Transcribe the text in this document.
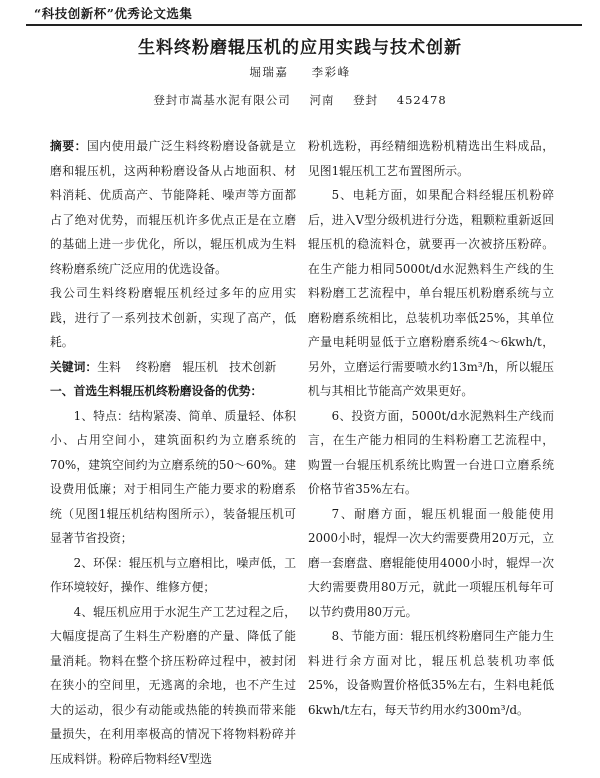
“科技创新杯”优秀论文选集
生料终粉磨辊压机的应用实践与技术创新
堀瑞嘉 李彩峰
登封市嵩基水泥有限公司 河南 登封 452478

摘要：国内使用最广泛生料终粉磨设备就是立磨和辊压机，这两种粉磨设备从占地面积、材料消耗、优质高产、节能降耗、噪声等方面都占了绝对优势，而辊压机许多优点正是在立磨的基础上进一步优化，所以，辊压机成为生料终粉磨系统广泛应用的优选设备。

我公司生料终粉磨辊压机经过多年的应用实践，进行了一系列技术创新，实现了高产，低耗。

关键词：生料 终粉磨 辊压机 技术创新

一、首选生料辊压机终粉磨设备的优势：

1、特点：结构紧凑、简单、质量轻、体积小、占用空间小，建筑面积约为立磨系统的70%，建筑空间约为立磨系统的50～60%。建设费用低廉；对于相同生产能力要求的粉磨系统（见图1辊压机结构图所示），装备辊压机可显著节省投资；

2、环保：辊压机与立磨相比，噪声低，工作环境较好，操作、维修方便；

4、辊压机应用于水泥生产工艺过程之后，大幅度提高了生料生产粉磨的产量、降低了能量消耗。物料在整个挤压粉碎过程中，被封闭在狭小的空间里，无逃离的余地，也不产生过大的运动，很少有动能或热能的转换而带来能量损失，在利用率极高的情况下将物料粉碎并压成料饼。粉碎后物料经V型选

粉机选粉，再经精细选粉机精选出生料成品，见图1辊压机工艺布置图所示。

5、电耗方面，如果配合料经辊压机粉碎后，进入V型分级机进行分选，粗颗粒重新返回辊压机的稳流料仓，就要再一次被挤压粉碎。在生产能力相同5000t/d水泥熟料生产线的生料粉磨工艺流程中，单台辊压机粉磨系统与立磨粉磨系统相比，总装机功率低25%，其单位产量电耗明显低于立磨粉磨系统4～6kwh/t，另外，立磨运行需要喷水约13m³/h，所以辊压机与其相比节能高产效果更好。

6、投资方面，5000t/d水泥熟料生产线而言，在生产能力相同的生料粉磨工艺流程中，购置一台辊压机系统比购置一台进口立磨系统价格节省35%左右。

7、耐磨方面，辊压机辊面一般能使用2000小时，辊焊一次大约需要费用20万元，立磨一套磨盘、磨辊能使用4000小时，辊焊一次大约需要费用80万元，就此一项辊压机每年可以节约费用80万元。

8、节能方面：辊压机终粉磨同生产能力生料进行余方面对比，辊压机总装机功率低25%，设备购置价格低35%左右，生料电耗低6kwh/t左右，每天节约用水约300m³/d。
